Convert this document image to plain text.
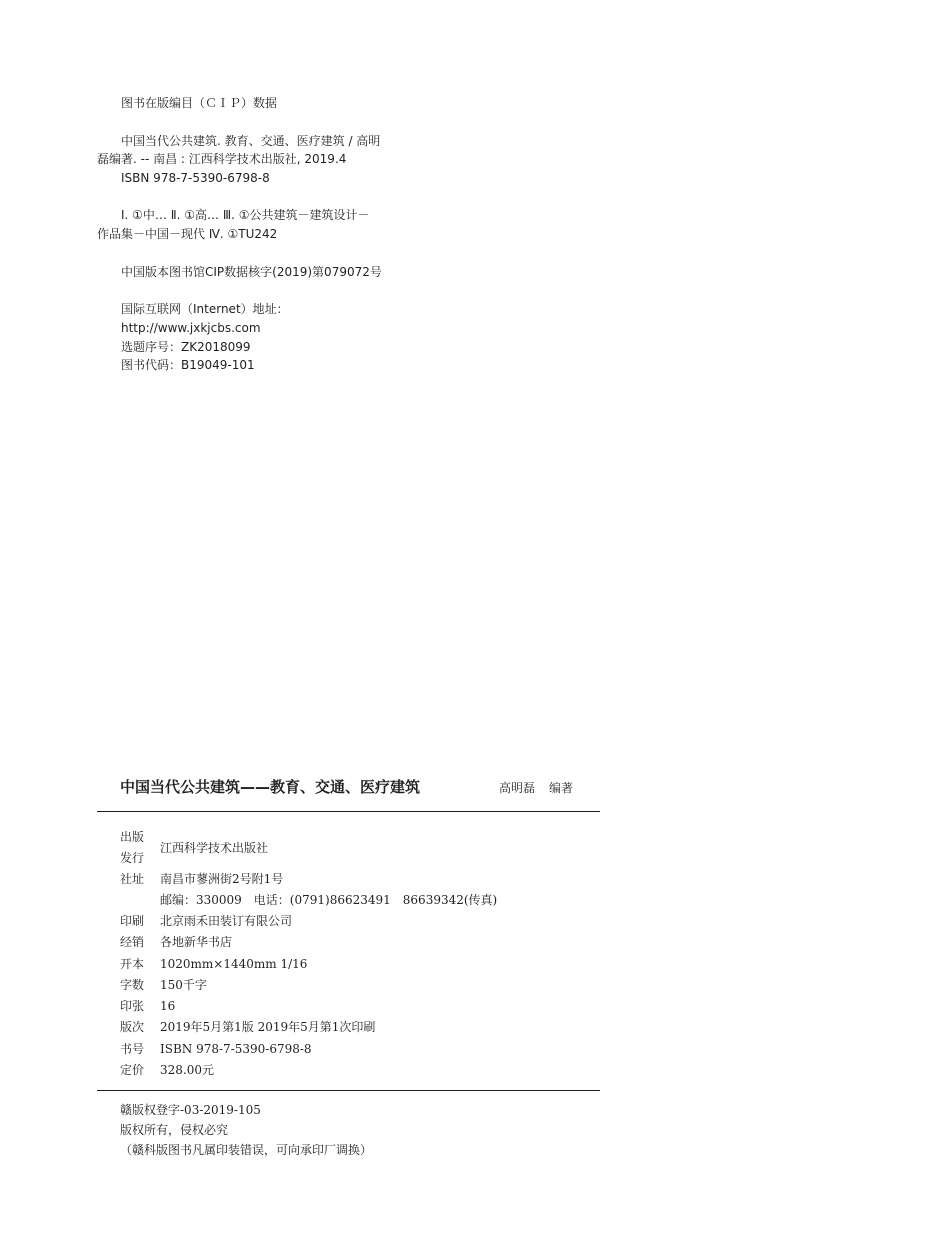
图书在版编目（ＣＩＰ）数据
中国当代公共建筑. 教育、交通、医疗建筑 / 高明
磊编著. -- 南昌 : 江西科学技术出版社, 2019.4
ISBN 978-7-5390-6798-8
Ⅰ. ①中… Ⅱ. ①高… Ⅲ. ①公共建筑－建筑设计－
作品集－中国－现代 Ⅳ. ①TU242
中国版本图书馆CIP数据核字(2019)第079072号
国际互联网（Internet）地址：
http://www.jxkjcbs.com
选题序号：ZK2018099
图书代码：B19049-101
中国当代公共建筑——教育、交通、医疗建筑	高明磊 编著
出版
发行
江西科学技术出版社
社址 南昌市蓼洲街2号附1号
邮编：330009　电话：(0791)86623491　86639342(传真)
印刷 北京雨禾田装订有限公司
经销 各地新华书店
开本 1020mm×1440mm 1/16
字数 150千字
印张 16
版次 2019年5月第1版 2019年5月第1次印刷
书号 ISBN 978-7-5390-6798-8
定价 328.00元
赣版权登字-03-2019-105
版权所有，侵权必究
（赣科版图书凡属印装错误，可向承印厂调换）
